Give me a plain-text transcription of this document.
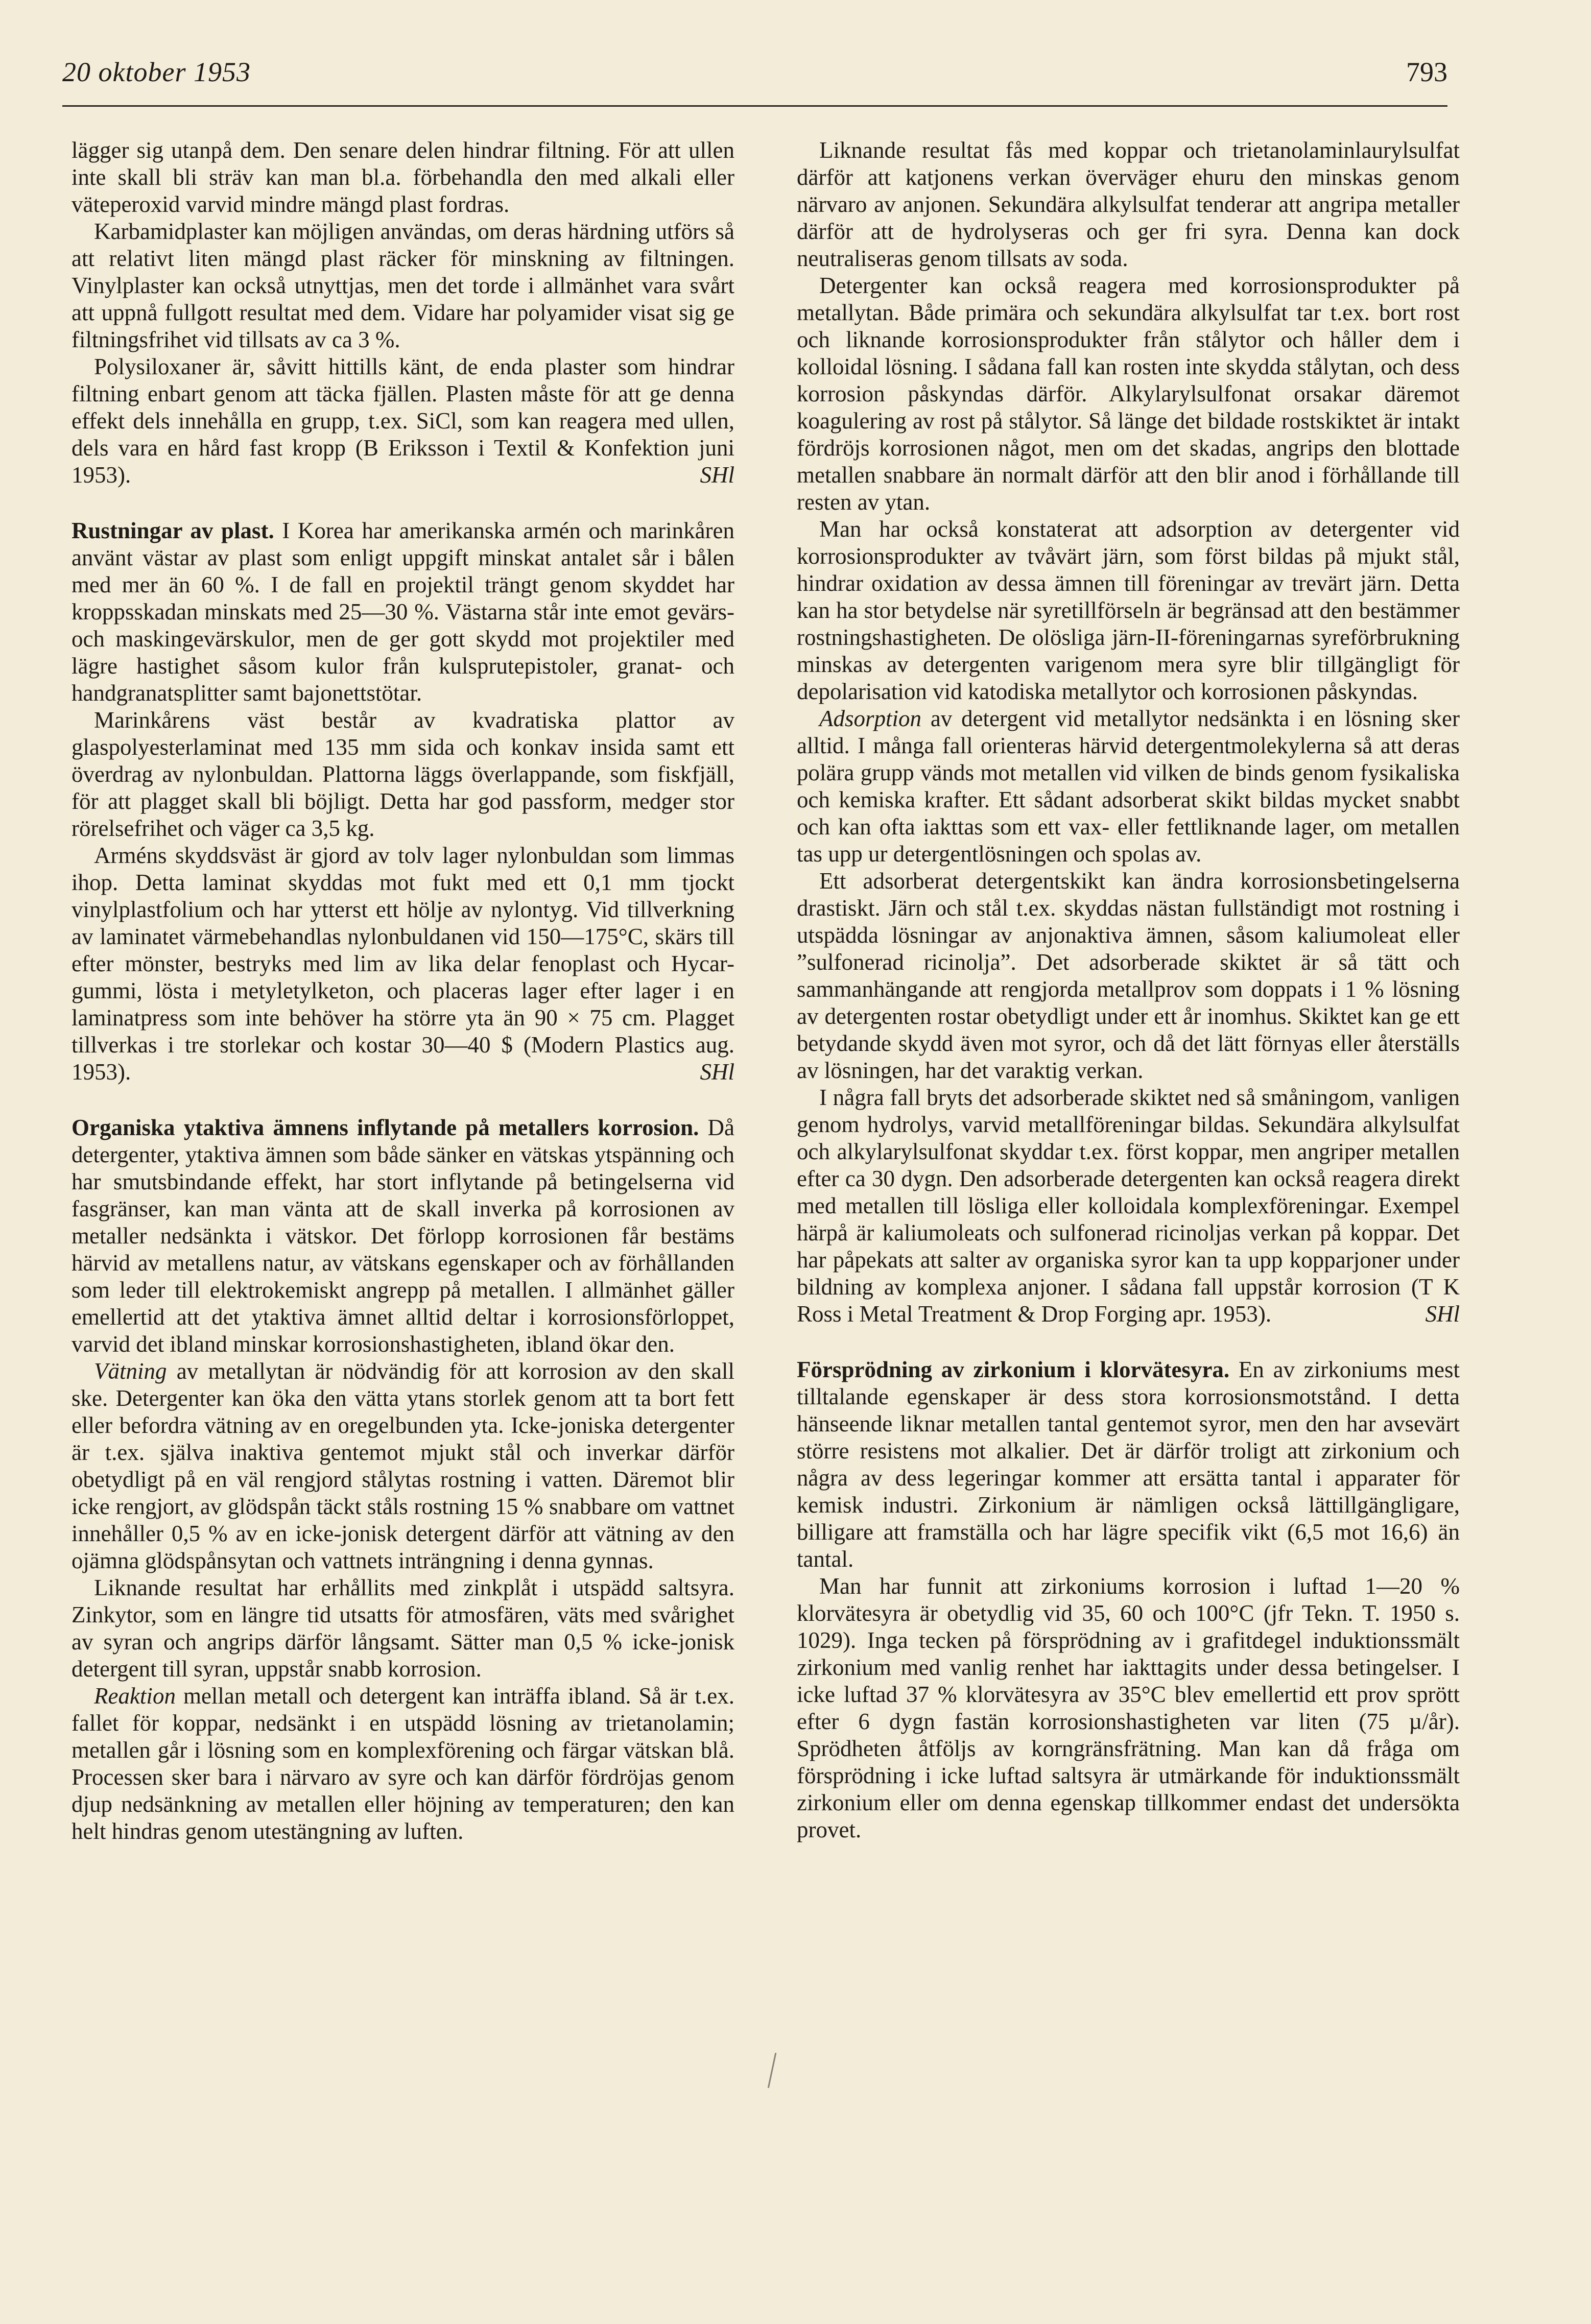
20 oktober 1953	793

lägger sig utanpå dem. Den senare delen hindrar filtning. För att ullen inte skall bli sträv kan man bl.a. förbehandla den med alkali eller väteperoxid varvid mindre mängd plast fordras.

Karbamidplaster kan möjligen användas, om deras härdning utförs så att relativt liten mängd plast räcker för minskning av filtningen. Vinylplaster kan också utnyttjas, men det torde i allmänhet vara svårt att uppnå fullgott resultat med dem. Vidare har polyamider visat sig ge filtningsfrihet vid tillsats av ca 3 %.

Polysiloxaner är, såvitt hittills känt, de enda plaster som hindrar filtning enbart genom att täcka fjällen. Plasten måste för att ge denna effekt dels innehålla en grupp, t.ex. SiCl, som kan reagera med ullen, dels vara en hård fast kropp (B Eriksson i Textil & Konfektion juni 1953).	SHl

Rustningar av plast. I Korea har amerikanska armén och marinkåren använt västar av plast som enligt uppgift minskat antalet sår i bålen med mer än 60 %. I de fall en projektil trängt genom skyddet har kroppsskadan minskats med 25—30 %. Västarna står inte emot gevärs- och maskingevärskulor, men de ger gott skydd mot projektiler med lägre hastighet såsom kulor från kulsprutepistoler, granat- och handgranatsplitter samt bajonettstötar.

Marinkårens väst består av kvadratiska plattor av glaspolyesterlaminat med 135 mm sida och konkav insida samt ett överdrag av nylonbuldan. Plattorna läggs överlappande, som fiskfjäll, för att plagget skall bli böjligt. Detta har god passform, medger stor rörelsefrihet och väger ca 3,5 kg.

Arméns skyddsväst är gjord av tolv lager nylonbuldan som limmas ihop. Detta laminat skyddas mot fukt med ett 0,1 mm tjockt vinylplastfolium och har ytterst ett hölje av nylontyg. Vid tillverkning av laminatet värmebehandlas nylonbuldanen vid 150—175°C, skärs till efter mönster, bestryks med lim av lika delar fenoplast och Hycar-gummi, lösta i metyletylketon, och placeras lager efter lager i en laminatpress som inte behöver ha större yta än 90 × 75 cm. Plagget tillverkas i tre storlekar och kostar 30—40 $ (Modern Plastics aug. 1953).	SHl

Organiska ytaktiva ämnens inflytande på metallers korrosion. Då detergenter, ytaktiva ämnen som både sänker en vätskas ytspänning och har smutsbindande effekt, har stort inflytande på betingelserna vid fasgränser, kan man vänta att de skall inverka på korrosionen av metaller nedsänkta i vätskor. Det förlopp korrosionen får bestäms härvid av metallens natur, av vätskans egenskaper och av förhållanden som leder till elektrokemiskt angrepp på metallen. I allmänhet gäller emellertid att det ytaktiva ämnet alltid deltar i korrosionsförloppet, varvid det ibland minskar korrosionshastigheten, ibland ökar den.

Vätning av metallytan är nödvändig för att korrosion av den skall ske. Detergenter kan öka den vätta ytans storlek genom att ta bort fett eller befordra vätning av en oregelbunden yta. Icke-joniska detergenter är t.ex. själva inaktiva gentemot mjukt stål och inverkar därför obetydligt på en väl rengjord stålytas rostning i vatten. Däremot blir icke rengjort, av glödspån täckt ståls rostning 15 % snabbare om vattnet innehåller 0,5 % av en icke-jonisk detergent därför att vätning av den ojämna glödspånsytan och vattnets inträngning i denna gynnas.

Liknande resultat har erhållits med zinkplåt i utspädd saltsyra. Zinkytor, som en längre tid utsatts för atmosfären, väts med svårighet av syran och angrips därför långsamt. Sätter man 0,5 % icke-jonisk detergent till syran, uppstår snabb korrosion.

Reaktion mellan metall och detergent kan inträffa ibland. Så är t.ex. fallet för koppar, nedsänkt i en utspädd lösning av trietanolamin; metallen går i lösning som en komplexförening och färgar vätskan blå. Processen sker bara i närvaro av syre och kan därför fördröjas genom djup nedsänkning av metallen eller höjning av temperaturen; den kan helt hindras genom utestängning av luften.

Liknande resultat fås med koppar och trietanolaminlaurylsulfat därför att katjonens verkan överväger ehuru den minskas genom närvaro av anjonen. Sekundära alkylsulfat tenderar att angripa metaller därför att de hydrolyseras och ger fri syra. Denna kan dock neutraliseras genom tillsats av soda.

Detergenter kan också reagera med korrosionsprodukter på metallytan. Både primära och sekundära alkylsulfat tar t.ex. bort rost och liknande korrosionsprodukter från stålytor och håller dem i kolloidal lösning. I sådana fall kan rosten inte skydda stålytan, och dess korrosion påskyndas därför. Alkylarylsulfonat orsakar däremot koagulering av rost på stålytor. Så länge det bildade rostskiktet är intakt fördröjs korrosionen något, men om det skadas, angrips den blottade metallen snabbare än normalt därför att den blir anod i förhållande till resten av ytan.

Man har också konstaterat att adsorption av detergenter vid korrosionsprodukter av tvåvärt järn, som först bildas på mjukt stål, hindrar oxidation av dessa ämnen till föreningar av trevärt järn. Detta kan ha stor betydelse när syretillförseln är begränsad att den bestämmer rostningshastigheten. De olösliga järn-II-föreningarnas syreförbrukning minskas av detergenten varigenom mera syre blir tillgängligt för depolarisation vid katodiska metallytor och korrosionen påskyndas.

Adsorption av detergent vid metallytor nedsänkta i en lösning sker alltid. I många fall orienteras härvid detergentmolekylerna så att deras polära grupp vänds mot metallen vid vilken de binds genom fysikaliska och kemiska krafter. Ett sådant adsorberat skikt bildas mycket snabbt och kan ofta iakttas som ett vax- eller fettliknande lager, om metallen tas upp ur detergentlösningen och spolas av.

Ett adsorberat detergentskikt kan ändra korrosionsbetingelserna drastiskt. Järn och stål t.ex. skyddas nästan fullständigt mot rostning i utspädda lösningar av anjonaktiva ämnen, såsom kaliumoleat eller ”sulfonerad ricinolja”. Det adsorberade skiktet är så tätt och sammanhängande att rengjorda metallprov som doppats i 1 % lösning av detergenten rostar obetydligt under ett år inomhus. Skiktet kan ge ett betydande skydd även mot syror, och då det lätt förnyas eller återställs av lösningen, har det varaktig verkan.

I några fall bryts det adsorberade skiktet ned så småningom, vanligen genom hydrolys, varvid metallföreningar bildas. Sekundära alkylsulfat och alkylarylsulfonat skyddar t.ex. först koppar, men angriper metallen efter ca 30 dygn. Den adsorberade detergenten kan också reagera direkt med metallen till lösliga eller kolloidala komplexföreningar. Exempel härpå är kaliumoleats och sulfonerad ricinoljas verkan på koppar. Det har påpekats att salter av organiska syror kan ta upp kopparjoner under bildning av komplexa anjoner. I sådana fall uppstår korrosion (T K Ross i Metal Treatment & Drop Forging apr. 1953).	SHl

Försprödning av zirkonium i klorvätesyra. En av zirkoniums mest tilltalande egenskaper är dess stora korrosionsmotstånd. I detta hänseende liknar metallen tantal gentemot syror, men den har avsevärt större resistens mot alkalier. Det är därför troligt att zirkonium och några av dess legeringar kommer att ersätta tantal i apparater för kemisk industri. Zirkonium är nämligen också lättillgängligare, billigare att framställa och har lägre specifik vikt (6,5 mot 16,6) än tantal.

Man har funnit att zirkoniums korrosion i luftad 1—20 % klorvätesyra är obetydlig vid 35, 60 och 100°C (jfr Tekn. T. 1950 s. 1029). Inga tecken på försprödning av i grafitdegel induktionssmält zirkonium med vanlig renhet har iakttagits under dessa betingelser. I icke luftad 37 % klorvätesyra av 35°C blev emellertid ett prov sprött efter 6 dygn fastän korrosionshastigheten var liten (75 µ/år). Sprödheten åtföljs av korngränsfrätning. Man kan då fråga om försprödning i icke luftad saltsyra är utmärkande för induktionssmält zirkonium eller om denna egenskap tillkommer endast det undersökta provet.
